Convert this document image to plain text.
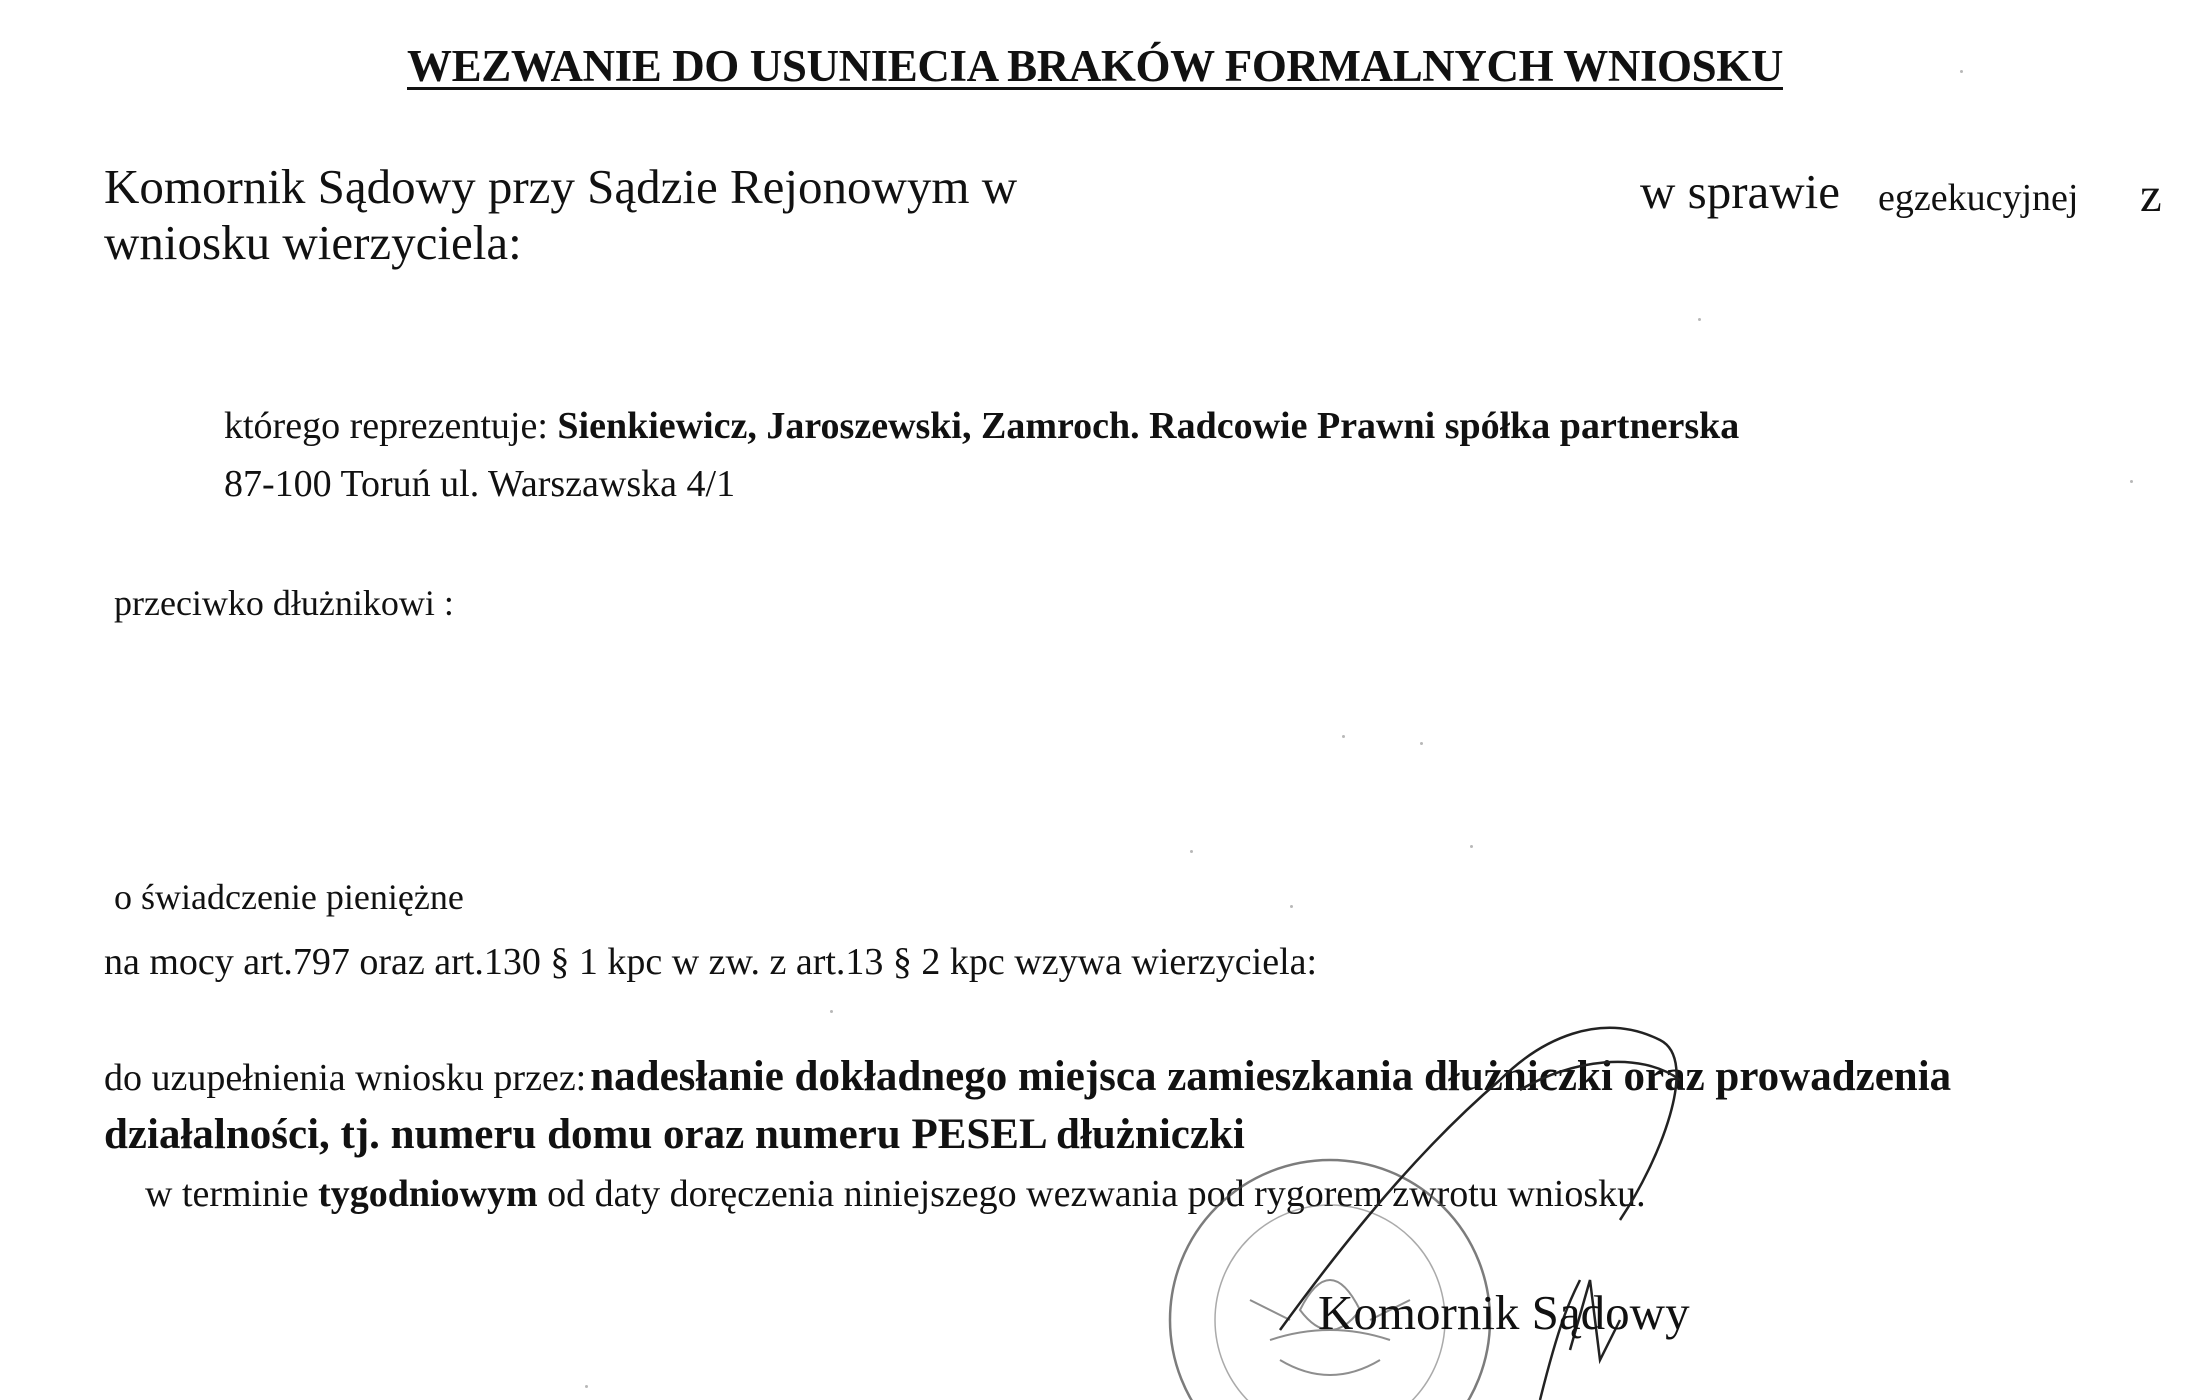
WEZWANIE DO USUNIECIA BRAKÓW FORMALNYCH WNIOSKU
Komornik Sądowy przy Sądzie Rejonowym w	w sprawie egzekucyjnej z
wniosku wierzyciela:
którego reprezentuje: Sienkiewicz, Jaroszewski, Zamroch. Radcowie Prawni spółka partnerska
87-100 Toruń ul. Warszawska 4/1
przeciwko dłużnikowi :
o świadczenie pieniężne
na mocy art.797 oraz art.130 § 1 kpc w zw. z art.13 § 2 kpc wzywa wierzyciela:
do uzupełnienia wniosku przez: nadesłanie dokładnego miejsca zamieszkania dłużniczki oraz prowadzenia
działalności, tj. numeru domu oraz numeru PESEL dłużniczki
w terminie tygodniowym od daty doręczenia niniejszego wezwania pod rygorem zwrotu wniosku.
Komornik Sądowy
